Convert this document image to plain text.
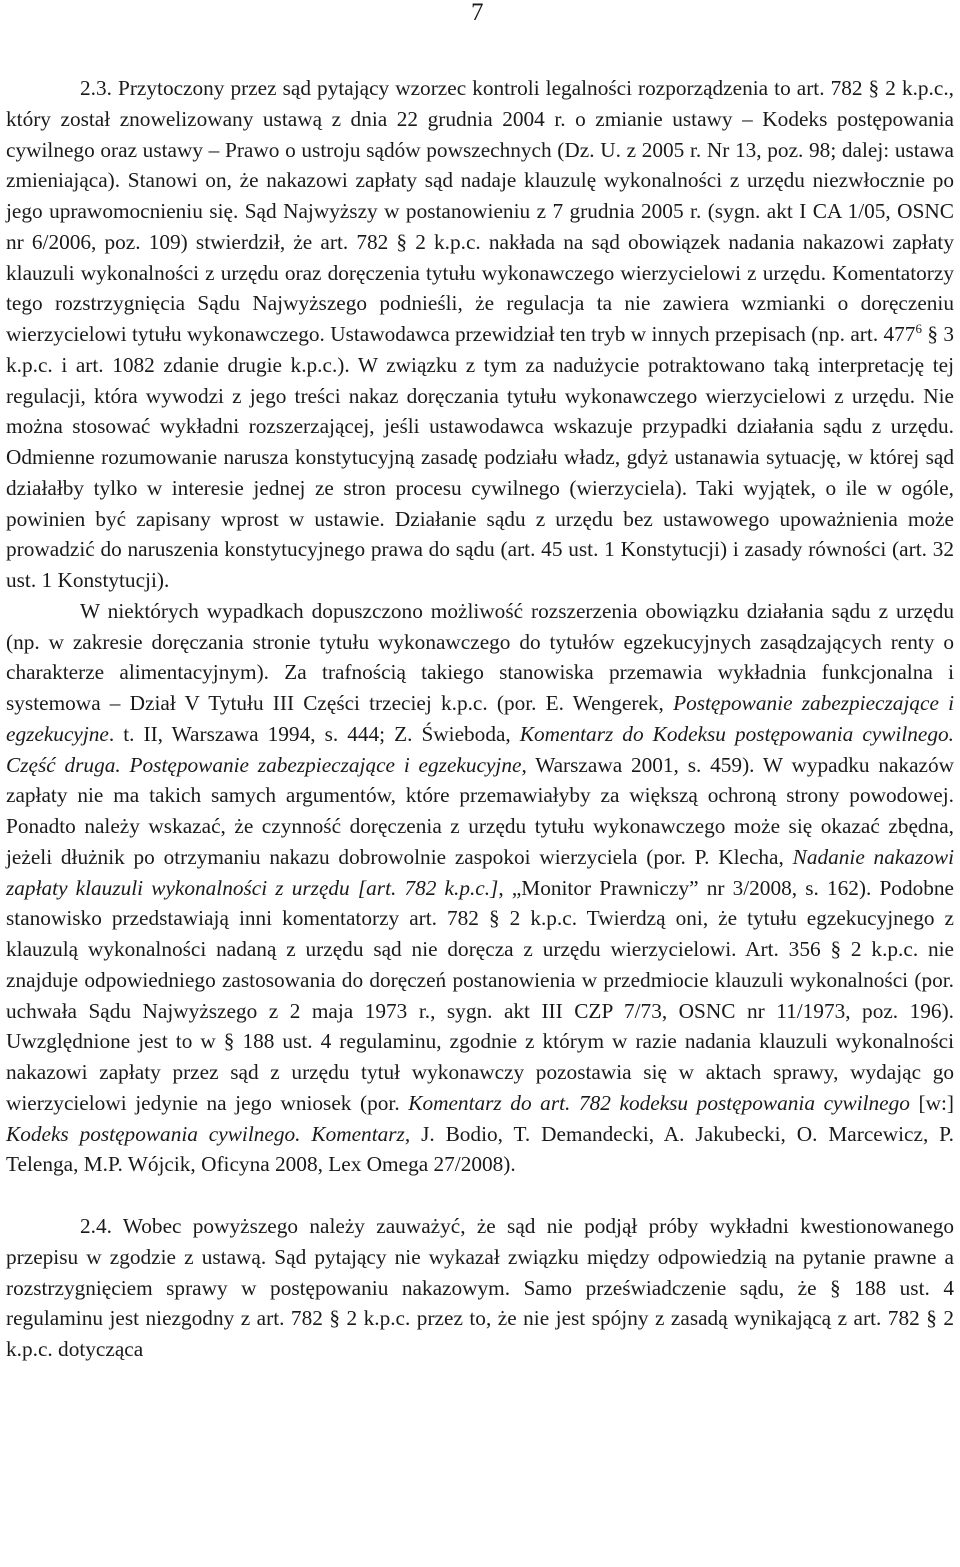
7

2.3. Przytoczony przez sąd pytający wzorzec kontroli legalności rozporządzenia to art. 782 § 2 k.p.c., który został znowelizowany ustawą z dnia 22 grudnia 2004 r. o zmianie ustawy – Kodeks postępowania cywilnego oraz ustawy – Prawo o ustroju sądów powszechnych (Dz. U. z 2005 r. Nr 13, poz. 98; dalej: ustawa zmieniająca). Stanowi on, że nakazowi zapłaty sąd nadaje klauzulę wykonalności z urzędu niezwłocznie po jego uprawomocnieniu się. Sąd Najwyższy w postanowieniu z 7 grudnia 2005 r. (sygn. akt I CA 1/05, OSNC nr 6/2006, poz. 109) stwierdził, że art. 782 § 2 k.p.c. nakłada na sąd obowiązek nadania nakazowi zapłaty klauzuli wykonalności z urzędu oraz doręczenia tytułu wykonawczego wierzycielowi z urzędu. Komentatorzy tego rozstrzygnięcia Sądu Najwyższego podnieśli, że regulacja ta nie zawiera wzmianki o doręczeniu wierzycielowi tytułu wykonawczego. Ustawodawca przewidział ten tryb w innych przepisach (np. art. $477^6$ § 3 k.p.c. i art. 1082 zdanie drugie k.p.c.). W związku z tym za nadużycie potraktowano taką interpretację tej regulacji, która wywodzi z jego treści nakaz doręczania tytułu wykonawczego wierzycielowi z urzędu. Nie można stosować wykładni rozszerzającej, jeśli ustawodawca wskazuje przypadki działania sądu z urzędu. Odmienne rozumowanie narusza konstytucyjną zasadę podziału władz, gdyż ustanawia sytuację, w której sąd działałby tylko w interesie jednej ze stron procesu cywilnego (wierzyciela). Taki wyjątek, o ile w ogóle, powinien być zapisany wprost w ustawie. Działanie sądu z urzędu bez ustawowego upoważnienia może prowadzić do naruszenia konstytucyjnego prawa do sądu (art. 45 ust. 1 Konstytucji) i zasady równości (art. 32 ust. 1 Konstytucji).

W niektórych wypadkach dopuszczono możliwość rozszerzenia obowiązku działania sądu z urzędu (np. w zakresie doręczania stronie tytułu wykonawczego do tytułów egzekucyjnych zasądzających renty o charakterze alimentacyjnym). Za trafnością takiego stanowiska przemawia wykładnia funkcjonalna i systemowa – Dział V Tytułu III Części trzeciej k.p.c. (por. E. Wengerek, Postępowanie zabezpieczające i egzekucyjne. t. II, Warszawa 1994, s. 444; Z. Świeboda, Komentarz do Kodeksu postępowania cywilnego. Część druga. Postępowanie zabezpieczające i egzekucyjne, Warszawa 2001, s. 459). W wypadku nakazów zapłaty nie ma takich samych argumentów, które przemawiałyby za większą ochroną strony powodowej. Ponadto należy wskazać, że czynność doręczenia z urzędu tytułu wykonawczego może się okazać zbędna, jeżeli dłużnik po otrzymaniu nakazu dobrowolnie zaspokoi wierzyciela (por. P. Klecha, Nadanie nakazowi zapłaty klauzuli wykonalności z urzędu [art. 782 k.p.c.], „Monitor Prawniczy” nr 3/2008, s. 162). Podobne stanowisko przedstawiają inni komentatorzy art. 782 § 2 k.p.c. Twierdzą oni, że tytułu egzekucyjnego z klauzulą wykonalności nadaną z urzędu sąd nie doręcza z urzędu wierzycielowi. Art. 356 § 2 k.p.c. nie znajduje odpowiedniego zastosowania do doręczeń postanowienia w przedmiocie klauzuli wykonalności (por. uchwała Sądu Najwyższego z 2 maja 1973 r., sygn. akt III CZP 7/73, OSNC nr 11/1973, poz. 196). Uwzględnione jest to w § 188 ust. 4 regulaminu, zgodnie z którym w razie nadania klauzuli wykonalności nakazowi zapłaty przez sąd z urzędu tytuł wykonawczy pozostawia się w aktach sprawy, wydając go wierzycielowi jedynie na jego wniosek (por. Komentarz do art. 782 kodeksu postępowania cywilnego [w:] Kodeks postępowania cywilnego. Komentarz, J. Bodio, T. Demandecki, A. Jakubecki, O. Marcewicz, P. Telenga, M.P. Wójcik, Oficyna 2008, Lex Omega 27/2008).

2.4. Wobec powyższego należy zauważyć, że sąd nie podjął próby wykładni kwestionowanego przepisu w zgodzie z ustawą. Sąd pytający nie wykazał związku między odpowiedzią na pytanie prawne a rozstrzygnięciem sprawy w postępowaniu nakazowym. Samo przeświadczenie sądu, że § 188 ust. 4 regulaminu jest niezgodny z art. 782 § 2 k.p.c. przez to, że nie jest spójny z zasadą wynikającą z art. 782 § 2 k.p.c. dotycząca
